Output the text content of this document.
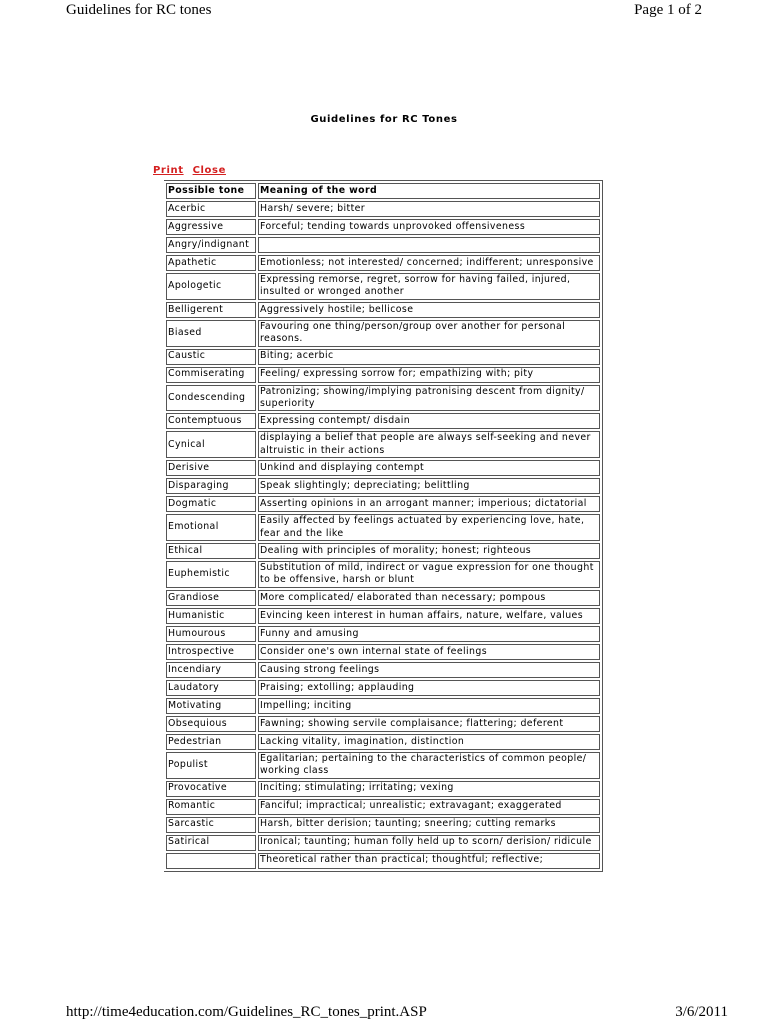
Guidelines for RC tones	Page 1 of 2
Guidelines for RC Tones
Print Close
Possible tone	Meaning of the word
Acerbic	Harsh/ severe; bitter
Aggressive	Forceful; tending towards unprovoked offensiveness
Angry/indignant	
Apathetic	Emotionless; not interested/ concerned; indifferent; unresponsive
Apologetic	Expressing remorse, regret, sorrow for having failed, injured, insulted or wronged another
Belligerent	Aggressively hostile; bellicose
Biased	Favouring one thing/person/group over another for personal reasons.
Caustic	Biting; acerbic
Commiserating	Feeling/ expressing sorrow for; empathizing with; pity
Condescending	Patronizing; showing/implying patronising descent from dignity/ superiority
Contemptuous	Expressing contempt/ disdain
Cynical	displaying a belief that people are always self-seeking and never altruistic in their actions
Derisive	Unkind and displaying contempt
Disparaging	Speak slightingly; depreciating; belittling
Dogmatic	Asserting opinions in an arrogant manner; imperious; dictatorial
Emotional	Easily affected by feelings actuated by experiencing love, hate, fear and the like
Ethical	Dealing with principles of morality; honest; righteous
Euphemistic	Substitution of mild, indirect or vague expression for one thought to be offensive, harsh or blunt
Grandiose	More complicated/ elaborated than necessary; pompous
Humanistic	Evincing keen interest in human affairs, nature, welfare, values
Humourous	Funny and amusing
Introspective	Consider one's own internal state of feelings
Incendiary	Causing strong feelings
Laudatory	Praising; extolling; applauding
Motivating	Impelling; inciting
Obsequious	Fawning; showing servile complaisance; flattering; deferent
Pedestrian	Lacking vitality, imagination, distinction
Populist	Egalitarian; pertaining to the characteristics of common people/ working class
Provocative	Inciting; stimulating; irritating; vexing
Romantic	Fanciful; impractical; unrealistic; extravagant; exaggerated
Sarcastic	Harsh, bitter derision; taunting; sneering; cutting remarks
Satirical	Ironical; taunting; human folly held up to scorn/ derision/ ridicule
	Theoretical rather than practical; thoughtful; reflective;
http://time4education.com/Guidelines_RC_tones_print.ASP	3/6/2011
